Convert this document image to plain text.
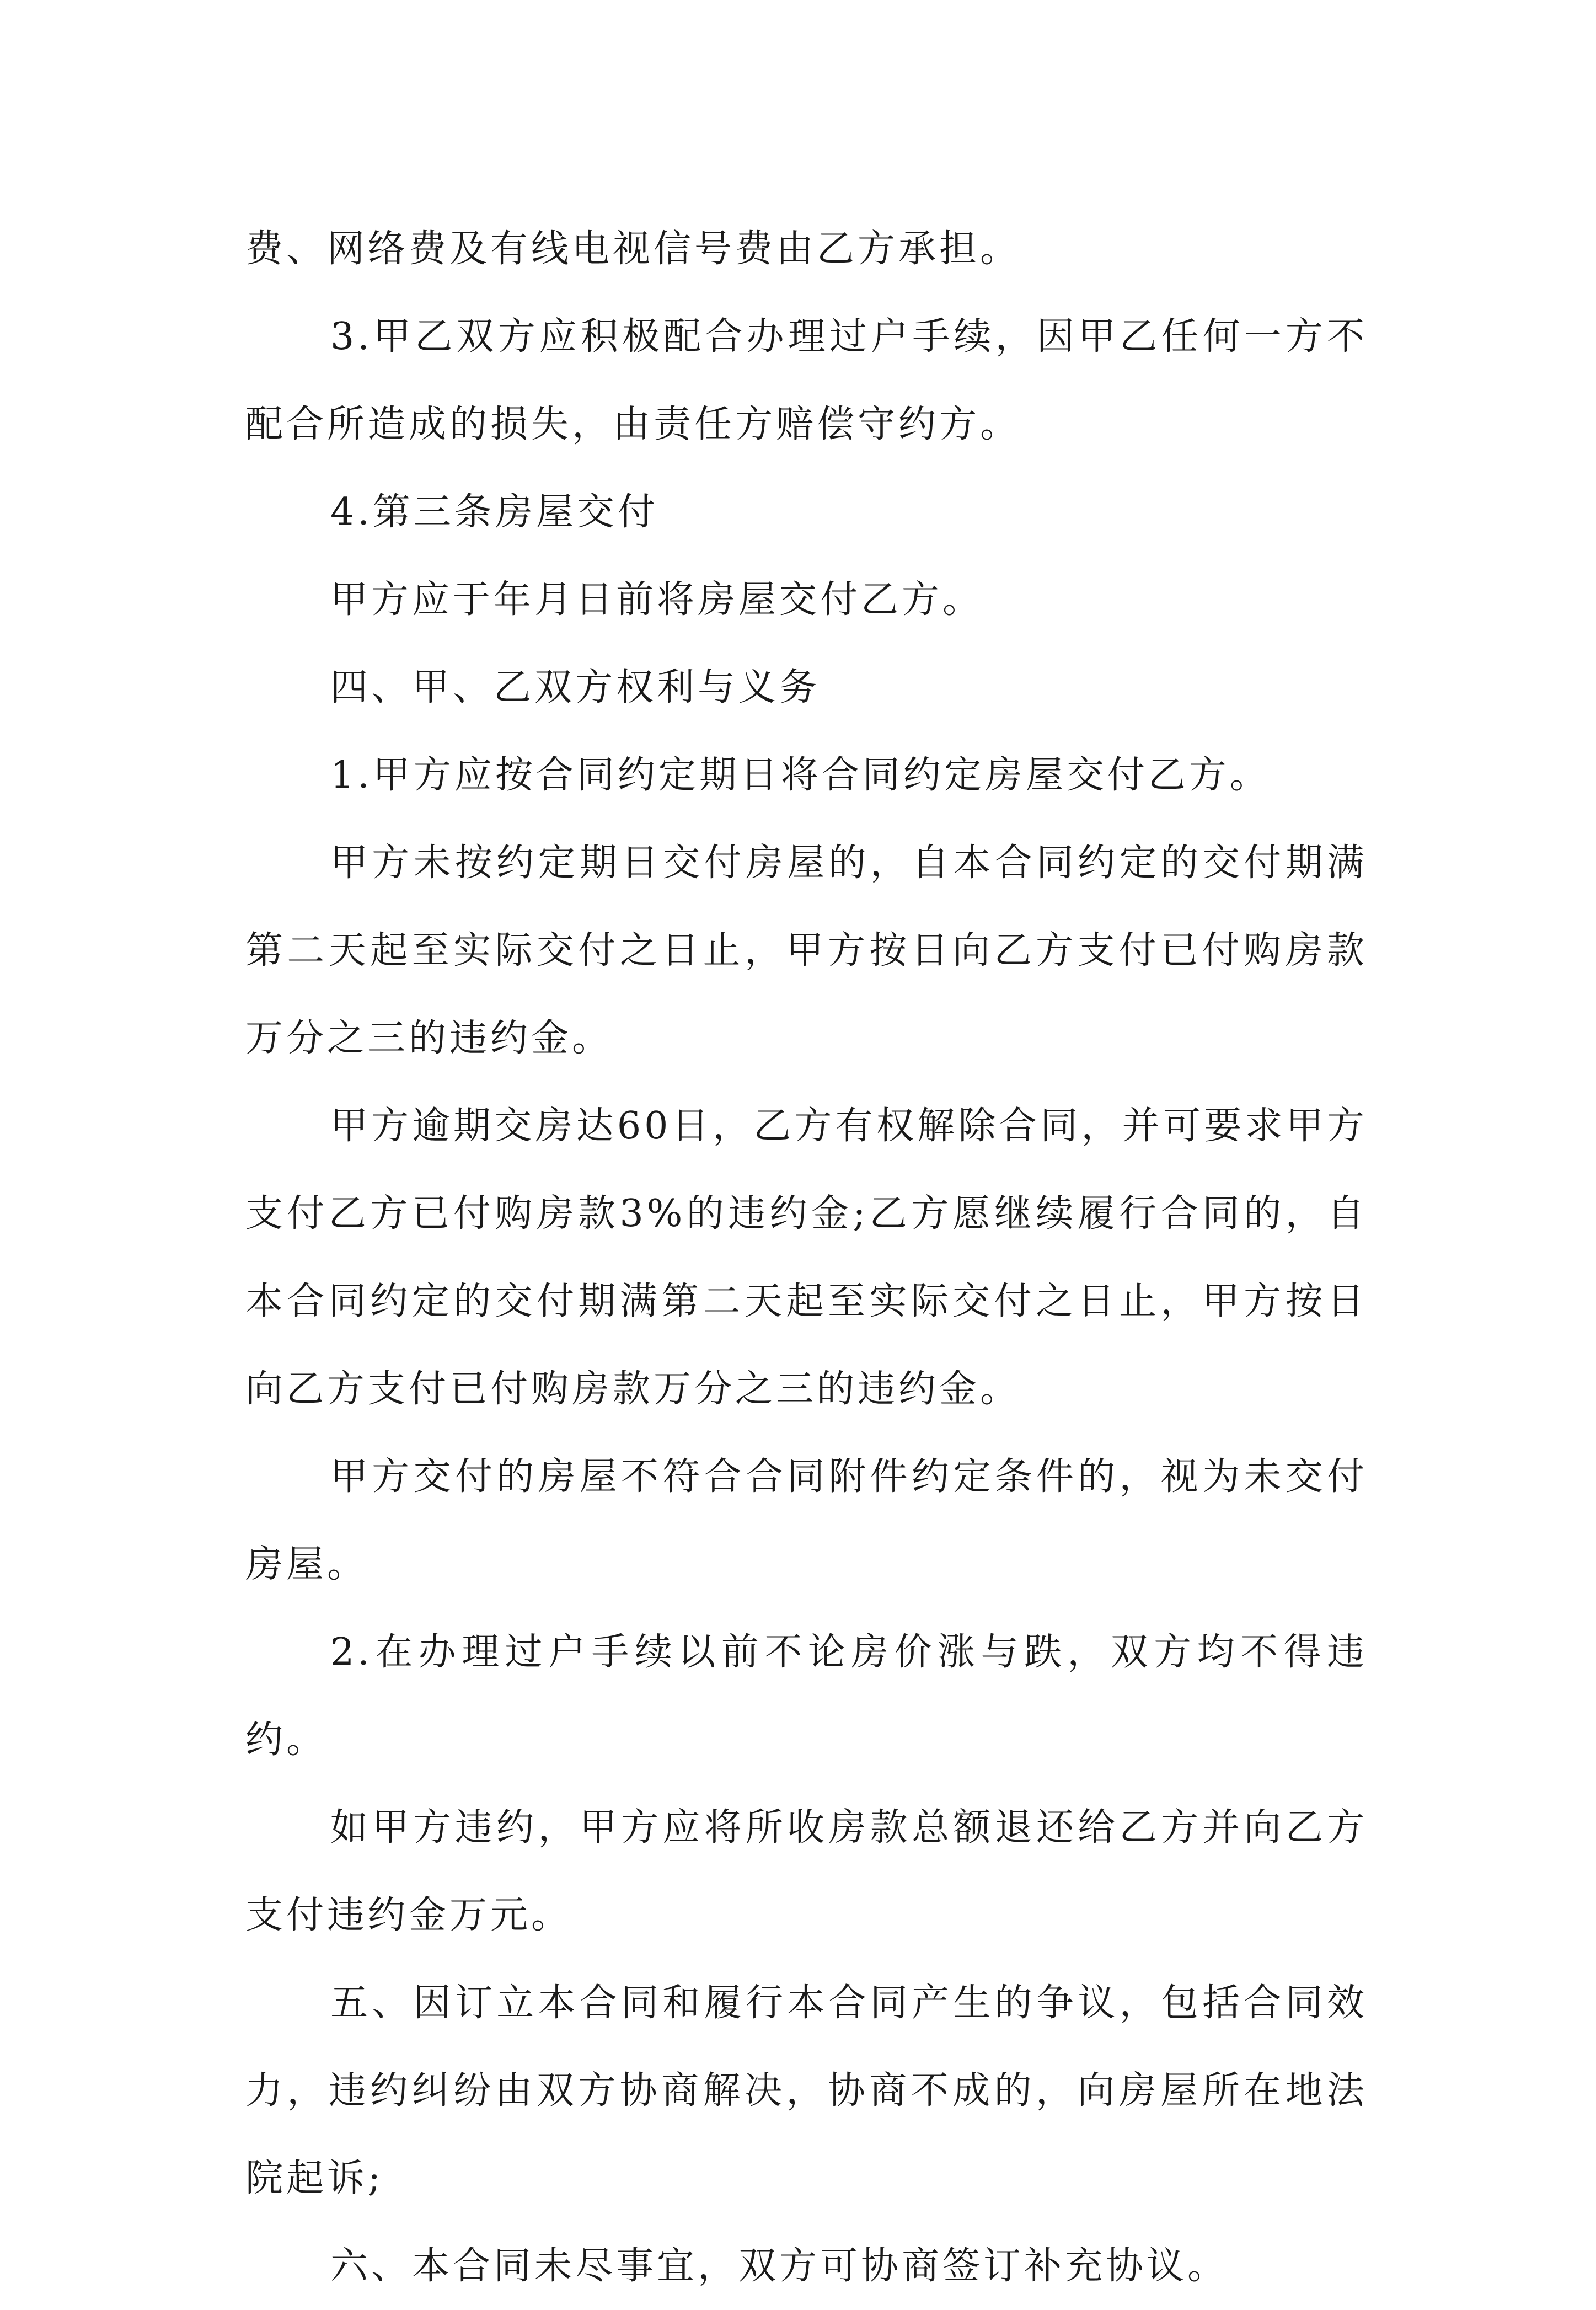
费、网络费及有线电视信号费由乙方承担。

3.甲乙双方应积极配合办理过户手续，因甲乙任何一方不配合所造成的损失，由责任方赔偿守约方。

4.第三条房屋交付

甲方应于年月日前将房屋交付乙方。

四、甲、乙双方权利与义务

1.甲方应按合同约定期日将合同约定房屋交付乙方。

甲方未按约定期日交付房屋的，自本合同约定的交付期满第二天起至实际交付之日止，甲方按日向乙方支付已付购房款万分之三的违约金。

甲方逾期交房达60日，乙方有权解除合同，并可要求甲方支付乙方已付购房款3%的违约金;乙方愿继续履行合同的，自本合同约定的交付期满第二天起至实际交付之日止，甲方按日向乙方支付已付购房款万分之三的违约金。

甲方交付的房屋不符合合同附件约定条件的，视为未交付房屋。

2.在办理过户手续以前不论房价涨与跌，双方均不得违约。

如甲方违约，甲方应将所收房款总额退还给乙方并向乙方支付违约金万元。

五、因订立本合同和履行本合同产生的争议，包括合同效力，违约纠纷由双方协商解决，协商不成的，向房屋所在地法院起诉;

六、本合同未尽事宜，双方可协商签订补充协议。
